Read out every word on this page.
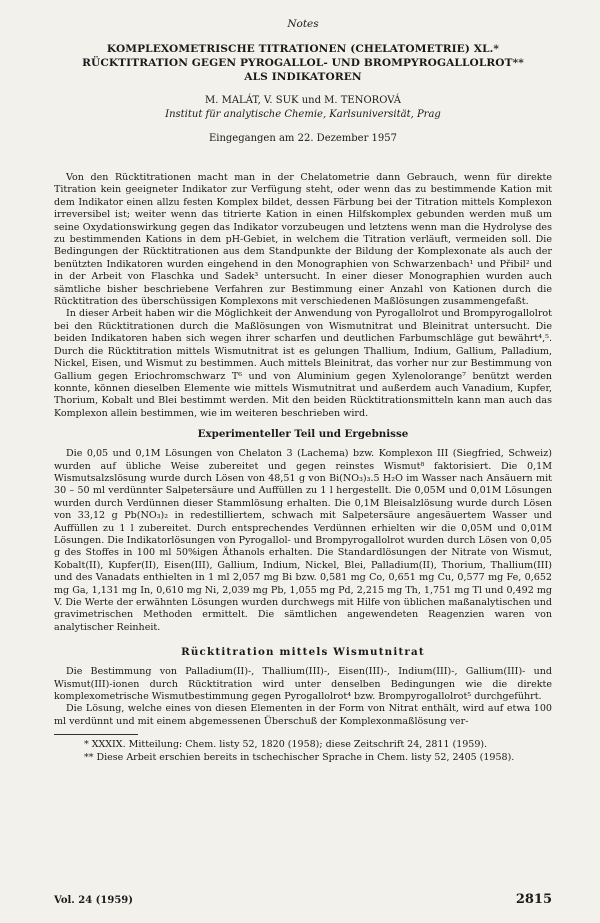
Notes

KOMPLEXOMETRISCHE TITRATIONEN (CHELATOMETRIE) XL.*
RÜCKTITRATION GEGEN PYROGALLOL- UND BROMPYROGALLOLROT**
ALS INDIKATOREN

M. MALÁT, V. SUK und M. TENOROVÁ

Institut für analytische Chemie, Karlsuniversität, Prag

Eingegangen am 22. Dezember 1957

Von den Rücktitrationen macht man in der Chelatometrie dann Gebrauch, wenn für direkte Titration kein geeigneter Indikator zur Verfügung steht, oder wenn das zu bestimmende Kation mit dem Indikator einen allzu festen Komplex bildet, dessen Färbung bei der Titration mittels Komplexon irreversibel ist; weiter wenn das titrierte Kation in einen Hilfskomplex gebunden werden muß um seine Oxydationswirkung gegen das Indikator vorzubeugen und letztens wenn man die Hydrolyse des zu bestimmenden Kations in dem pH-Gebiet, in welchem die Titration verläuft, vermeiden soll. Die Bedingungen der Rücktitrationen aus dem Standpunkte der Bildung der Komplexonate als auch der benützten Indikatoren wurden eingehend in den Monographien von Schwarzenbach¹ und Přibil² und in der Arbeit von Flaschka und Sadek³ untersucht. In einer dieser Monographien wurden auch sämtliche bisher beschriebene Verfahren zur Bestimmung einer Anzahl von Kationen durch die Rücktitration des überschüssigen Komplexons mit verschiedenen Maßlösungen zusammengefaßt.

In dieser Arbeit haben wir die Möglichkeit der Anwendung von Pyrogallolrot und Brompyrogallolrot bei den Rücktitrationen durch die Maßlösungen von Wismutnitrat und Bleinitrat untersucht. Die beiden Indikatoren haben sich wegen ihrer scharfen und deutlichen Farbumschläge gut bewährt⁴,⁵. Durch die Rücktitration mittels Wismutnitrat ist es gelungen Thallium, Indium, Gallium, Palladium, Nickel, Eisen, und Wismut zu bestimmen. Auch mittels Bleinitrat, das vorher nur zur Bestimmung von Gallium gegen Eriochromschwarz T⁶ und von Aluminium gegen Xylenolorange⁷ benützt werden konnte, können dieselben Elemente wie mittels Wismutnitrat und außerdem auch Vanadium, Kupfer, Thorium, Kobalt und Blei bestimmt werden. Mit den beiden Rücktitrationsmitteln kann man auch das Komplexon allein bestimmen, wie im weiteren beschrieben wird.

Experimenteller Teil und Ergebnisse

Die 0,05 und 0,1M Lösungen von Chelaton 3 (Lachema) bzw. Komplexon III (Siegfried, Schweiz) wurden auf übliche Weise zubereitet und gegen reinstes Wismut⁸ faktorisiert. Die 0,1M Wismutsalzslösung wurde durch Lösen von 48,51 g von Bi(NO₃)₃.5 H₂O im Wasser nach Ansäuern mit 30 – 50 ml verdünnter Salpetersäure und Auffüllen zu 1 l hergestellt. Die 0,05M und 0,01M Lösungen wurden durch Verdünnen dieser Stammlösung erhalten. Die 0,1M Bleisalzlösung wurde durch Lösen von 33,12 g Pb(NO₃)₂ in redestilliertem, schwach mit Salpetersäure angesäuertem Wasser und Auffüllen zu 1 l zubereitet. Durch entsprechendes Verdünnen erhielten wir die 0,05M und 0,01M Lösungen. Die Indikatorlösungen von Pyrogallol- und Brompyrogallolrot wurden durch Lösen von 0,05 g des Stoffes in 100 ml 50%igen Äthanols erhalten. Die Standardlösungen der Nitrate von Wismut, Kobalt(II), Kupfer(II), Eisen(III), Gallium, Indium, Nickel, Blei, Palladium(II), Thorium, Thallium(III) und des Vanadats enthielten in 1 ml 2,057 mg Bi bzw. 0,581 mg Co, 0,651 mg Cu, 0,577 mg Fe, 0,652 mg Ga, 1,131 mg In, 0,610 mg Ni, 2,039 mg Pb, 1,055 mg Pd, 2,215 mg Th, 1,751 mg Tl und 0,492 mg V. Die Werte der erwähnten Lösungen wurden durchwegs mit Hilfe von üblichen maßanalytischen und gravimetrischen Methoden ermittelt. Die sämtlichen angewendeten Reagenzien waren von analytischer Reinheit.

Rücktitration mittels Wismutnitrat

Die Bestimmung von Palladium(II)-, Thallium(III)-, Eisen(III)-, Indium(III)-, Gallium(III)- und Wismut(III)-ionen durch Rücktitration wird unter denselben Bedingungen wie die direkte komplexometrische Wismutbestimmung gegen Pyrogallolrot⁴ bzw. Brompyrogallolrot⁵ durchgeführt.

Die Lösung, welche eines von diesen Elementen in der Form von Nitrat enthält, wird auf etwa 100 ml verdünnt und mit einem abgemessenen Überschuß der Komplexonmaßlösung ver-

* XXXIX. Mitteilung: Chem. listy 52, 1820 (1958); diese Zeitschrift 24, 2811 (1959).

** Diese Arbeit erschien bereits in tschechischer Sprache in Chem. listy 52, 2405 (1958).

Vol. 24 (1959)	2815
